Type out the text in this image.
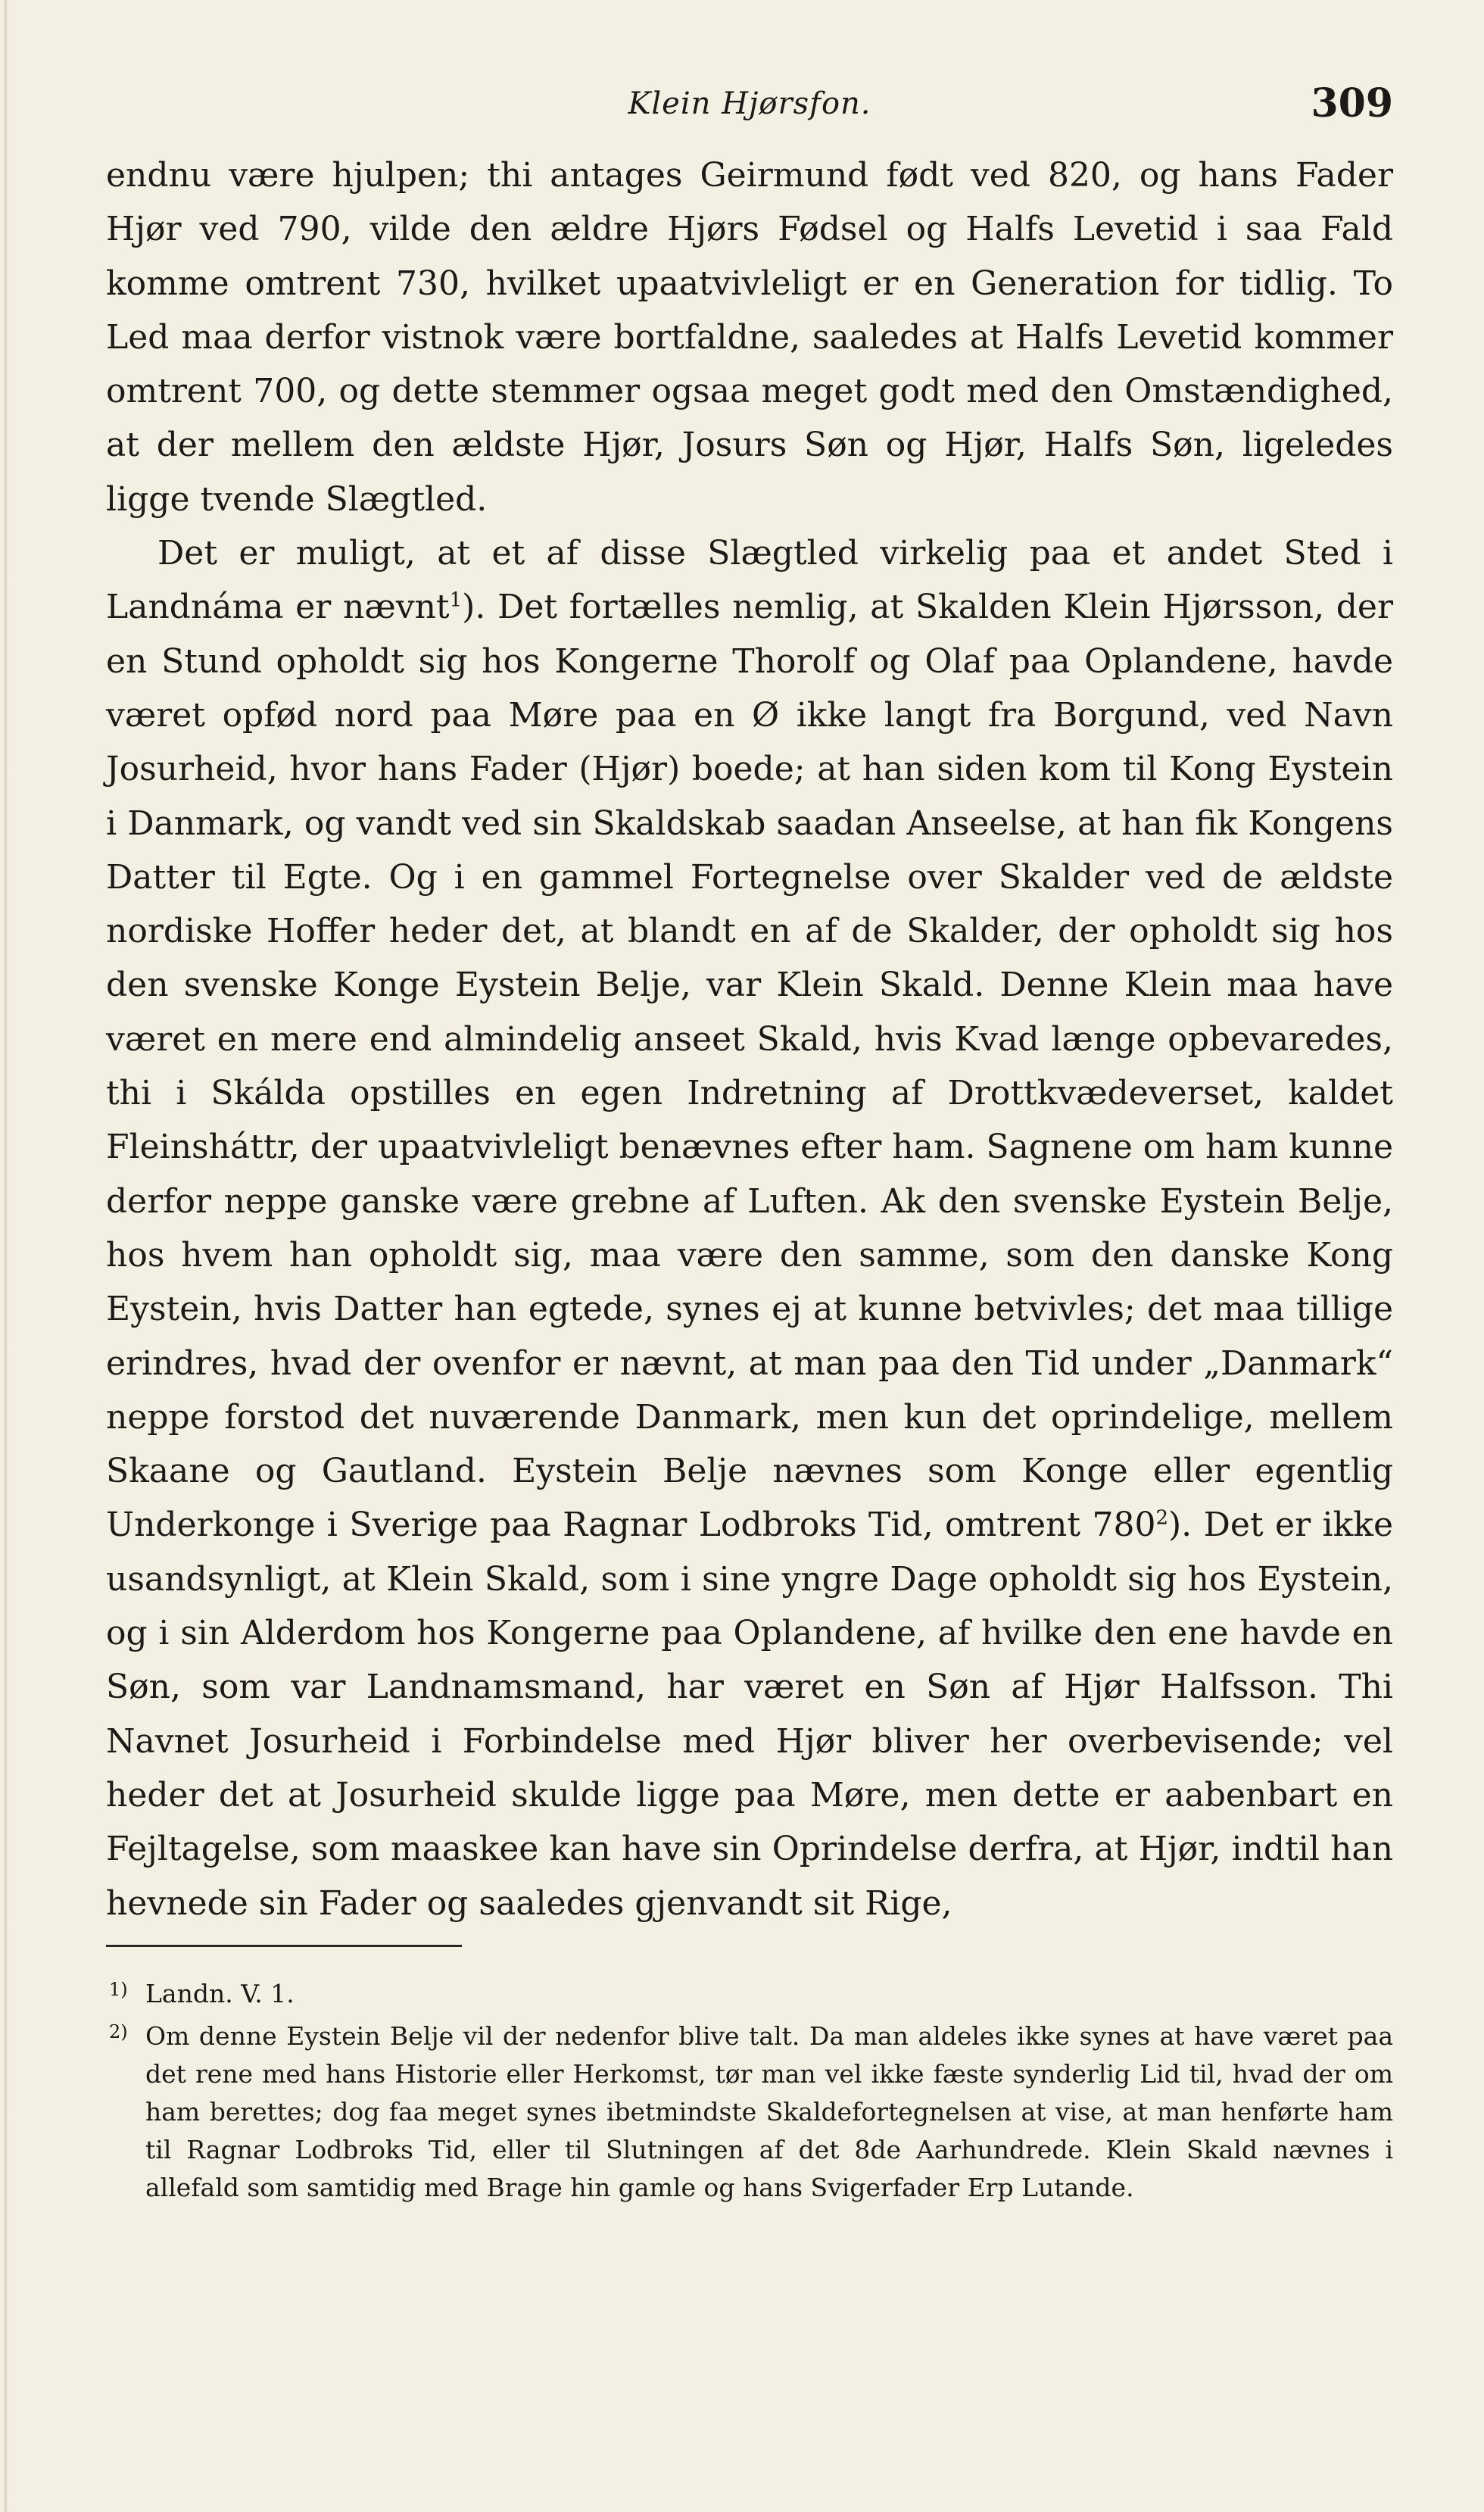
Klein Hjørsfon.	309

endnu være hjulpen; thi antages Geirmund født ved 820, og hans Fader Hjør ved 790, vilde den ældre Hjørs Fødsel og Halfs Levetid i saa Fald komme omtrent 730, hvilket upaatvivleligt er en Generation for tidlig. To Led maa derfor vistnok være bortfaldne, saaledes at Halfs Levetid kommer omtrent 700, og dette stemmer ogsaa meget godt med den Omstændighed, at der mellem den ældste Hjør, Josurs Søn og Hjør, Halfs Søn, ligeledes ligge tvende Slægtled.

Det er muligt, at et af disse Slægtled virkelig paa et andet Sted i Landnáma er nævnt$^1$). Det fortælles nemlig, at Skalden Klein Hjørsson, der en Stund opholdt sig hos Kongerne Thorolf og Olaf paa Oplandene, havde været opfød nord paa Møre paa en Ø ikke langt fra Borgund, ved Navn Josurheid, hvor hans Fader (Hjør) boede; at han siden kom til Kong Eystein i Danmark, og vandt ved sin Skaldskab saadan Anseelse, at han fik Kongens Datter til Egte. Og i en gammel Fortegnelse over Skalder ved de ældste nordiske Hoffer heder det, at blandt en af de Skalder, der opholdt sig hos den svenske Konge Eystein Belje, var Klein Skald. Denne Klein maa have været en mere end almindelig anseet Skald, hvis Kvad længe opbevaredes, thi i Skálda opstilles en egen Indretning af Drottkvædeverset, kaldet Fleinsháttr, der upaatvivleligt benævnes efter ham. Sagnene om ham kunne derfor neppe ganske være grebne af Luften. Ak den svenske Eystein Belje, hos hvem han opholdt sig, maa være den samme, som den danske Kong Eystein, hvis Datter han egtede, synes ej at kunne betvivles; det maa tillige erindres, hvad der ovenfor er nævnt, at man paa den Tid under „Danmark“ neppe forstod det nuværende Danmark, men kun det oprindelige, mellem Skaane og Gautland. Eystein Belje nævnes som Konge eller egentlig Underkonge i Sverige paa Ragnar Lodbroks Tid, omtrent $780^2$). Det er ikke usandsynligt, at Klein Skald, som i sine yngre Dage opholdt sig hos Eystein, og i sin Alderdom hos Kongerne paa Oplandene, af hvilke den ene havde en Søn, som var Landnamsmand, har været en Søn af Hjør Halfsson. Thi Navnet Josurheid i Forbindelse med Hjør bliver her overbevisende; vel heder det at Josurheid skulde ligge paa Møre, men dette er aabenbart en Fejltagelse, som maaskee kan have sin Oprindelse derfra, at Hjør, indtil han hevnede sin Fader og saaledes gjenvandt sit Rige,

1) Landn. V. 1.
2) Om denne Eystein Belje vil der nedenfor blive talt. Da man aldeles ikke synes at have været paa det rene med hans Historie eller Herkomst, tør man vel ikke fæste synderlig Lid til, hvad der om ham berettes; dog faa meget synes ibetmindste Skaldefortegnelsen at vise, at man henførte ham til Ragnar Lodbroks Tid, eller til Slutningen af det 8de Aarhundrede. Klein Skald nævnes i allefald som samtidig med Brage hin gamle og hans Svigerfader Erp Lutande.
